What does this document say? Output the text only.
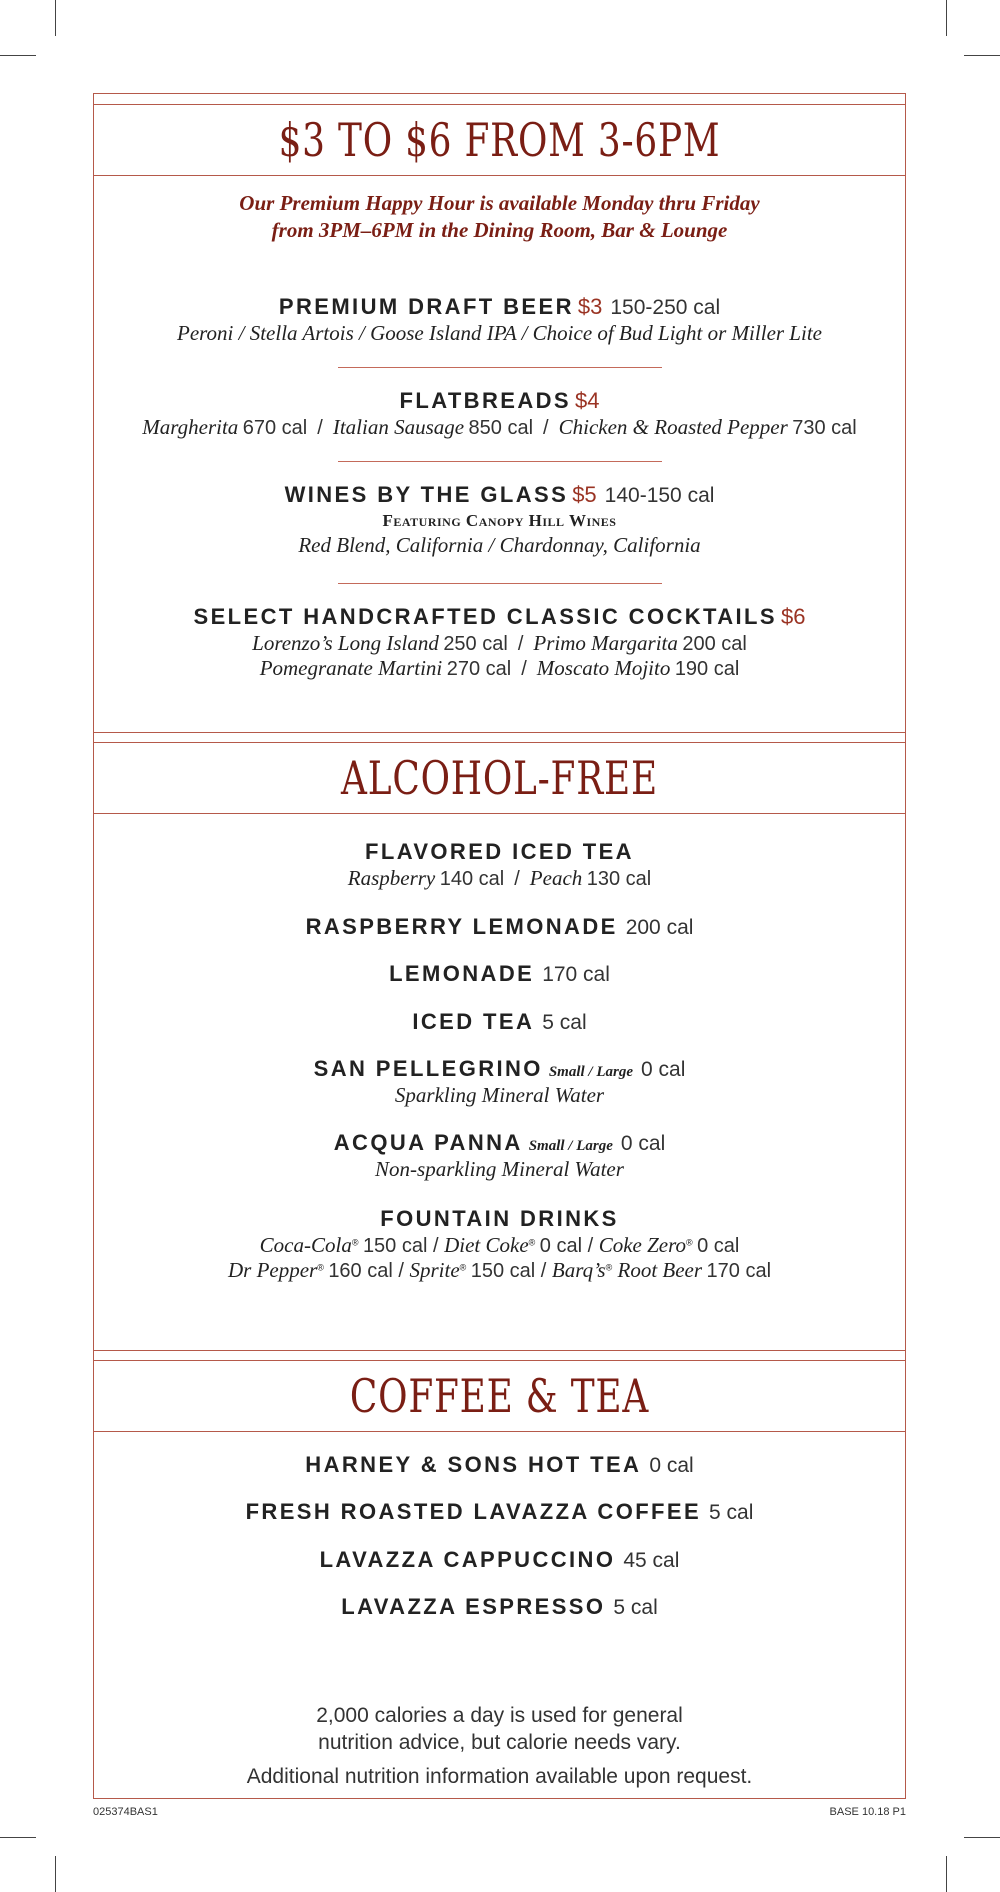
$3 TO $6 FROM 3-6PM
Our Premium Happy Hour is available Monday thru Friday
from 3PM–6PM in the Dining Room, Bar & Lounge
PREMIUM DRAFT BEER $3 150-250 cal
Peroni / Stella Artois / Goose Island IPA / Choice of Bud Light or Miller Lite
FLATBREADS $4
Margherita 670 cal  /  Italian Sausage 850 cal  /  Chicken & Roasted Pepper 730 cal
WINES BY THE GLASS $5 140-150 cal
Featuring Canopy Hill Wines
Red Blend, California / Chardonnay, California
SELECT HANDCRAFTED CLASSIC COCKTAILS $6
Lorenzo’s Long Island 250 cal  /  Primo Margarita 200 cal
Pomegranate Martini 270 cal  /  Moscato Mojito 190 cal
ALCOHOL-FREE
FLAVORED ICED TEA
Raspberry 140 cal  /  Peach 130 cal
RASPBERRY LEMONADE 200 cal
LEMONADE 170 cal
ICED TEA 5 cal
SAN PELLEGRINO Small / Large 0 cal
Sparkling Mineral Water
ACQUA PANNA Small / Large 0 cal
Non-sparkling Mineral Water
FOUNTAIN DRINKS
Coca-Cola® 150 cal / Diet Coke® 0 cal / Coke Zero® 0 cal
Dr Pepper® 160 cal / Sprite® 150 cal / Barq’s® Root Beer 170 cal
COFFEE & TEA
HARNEY & SONS HOT TEA 0 cal
FRESH ROASTED LAVAZZA COFFEE 5 cal
LAVAZZA CAPPUCCINO 45 cal
LAVAZZA ESPRESSO 5 cal
2,000 calories a day is used for general
nutrition advice, but calorie needs vary.
Additional nutrition information available upon request.
025374BAS1	BASE 10.18 P1
